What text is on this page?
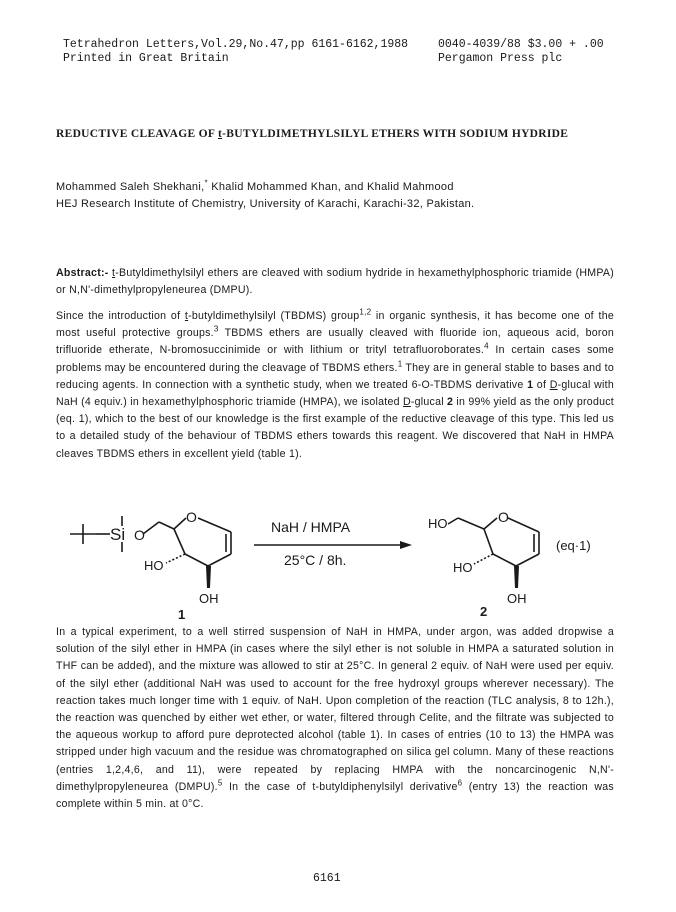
Tetrahedron Letters,Vol.29,No.47,pp 6161-6162,1988
Printed in Great Britain
0040-4039/88 $3.00 + .00
Pergamon Press plc
REDUCTIVE CLEAVAGE OF t-BUTYLDIMETHYLSILYL ETHERS WITH SODIUM HYDRIDE
Mohammed Saleh Shekhani,* Khalid Mohammed Khan, and Khalid Mahmood
HEJ Research Institute of Chemistry, University of Karachi, Karachi-32, Pakistan.

Abstract:- t-Butyldimethylsilyl ethers are cleaved with sodium hydride in hexamethylphosphoric triamide (HMPA) or N,N'-dimethylpropyleneurea (DMPU).

Since the introduction of t-butyldimethylsilyl (TBDMS) group$^{1,2}$ in organic synthesis, it has become one of the most useful protective groups.$^3$ TBDMS ethers are usually cleaved with fluoride ion, aqueous acid, boron trifluoride etherate, N-bromosuccinimide or with lithium or trityl tetrafluoroborates.$^4$ In certain cases some problems may be encountered during the cleavage of TBDMS ethers.$^1$ They are in general stable to bases and to reducing agents. In connection with a synthetic study, when we treated 6-O-TBDMS derivative 1 of D-glucal with NaH (4 equiv.) in hexamethylphosphoric triamide (HMPA), we isolated D-glucal 2 in 99% yield as the only product (eq. 1), which to the best of our knowledge is the first example of the reductive cleavage of this type. This led us to a detailed study of the behaviour of TBDMS ethers towards this reagent. We discovered that NaH in HMPA cleaves TBDMS ethers in excellent yield (table 1).

Si O
O
HO
OH
1
NaH / HMPA
25°C / 8h.
HO	O
HO
OH
2
(eq·1)

In a typical experiment, to a well stirred suspension of NaH in HMPA, under argon, was added dropwise a solution of the silyl ether in HMPA (in cases where the silyl ether is not soluble in HMPA a saturated solution in THF can be added), and the mixture was allowed to stir at 25°C. In general 2 equiv. of NaH were used per equiv. of the silyl ether (additional NaH was used to account for the free hydroxyl groups wherever necessary). The reaction takes much longer time with 1 equiv. of NaH. Upon completion of the reaction (TLC analysis, 8 to 12h.), the reaction was quenched by either wet ether, or water, filtered through Celite, and the filtrate was subjected to the aqueous workup to afford pure deprotected alcohol (table 1). In cases of entries (10 to 13) the HMPA was stripped under high vacuum and the residue was chromatographed on silica gel column. Many of these reactions (entries 1,2,4,6, and 11), were repeated by replacing HMPA with the noncarcinogenic N,N'-dimethylpropyleneurea (DMPU).$^5$ In the case of t-butyldiphenylsilyl derivative$^6$ (entry 13) the reaction was complete within 5 min. at 0°C.

6161
